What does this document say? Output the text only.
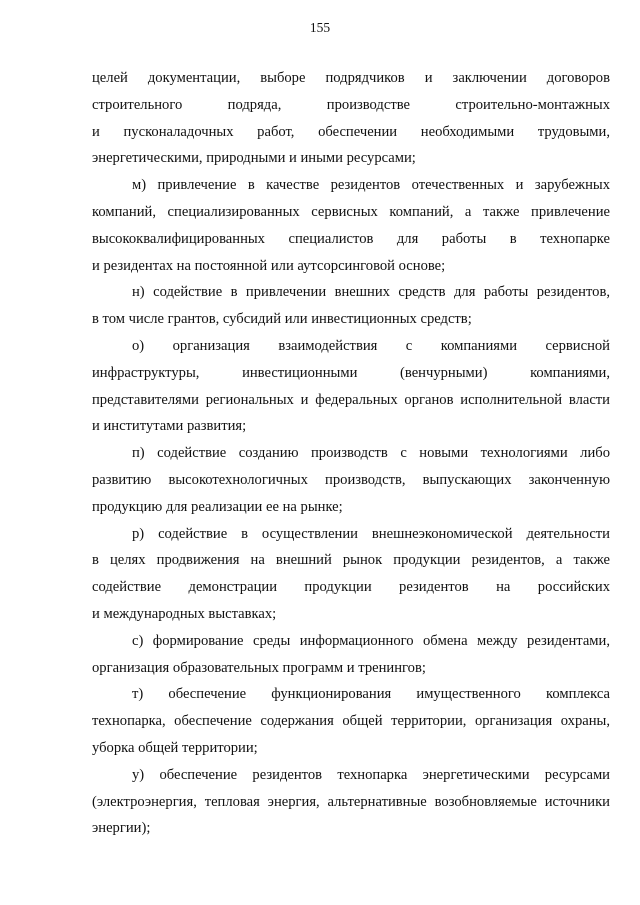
155

целей документации, выборе подрядчиков и заключении договоров
строительного подряда, производстве строительно-монтажных
и пусконаладочных работ, обеспечении необходимыми трудовыми,
энергетическими, природными и иными ресурсами;

м) привлечение в качестве резидентов отечественных и зарубежных
компаний, специализированных сервисных компаний, а также привлечение
высококвалифицированных специалистов для работы в технопарке
и резидентах на постоянной или аутсорсинговой основе;

н) содействие в привлечении внешних средств для работы резидентов,
в том числе грантов, субсидий или инвестиционных средств;

о) организация взаимодействия с компаниями сервисной
инфраструктуры, инвестиционными (венчурными) компаниями,
представителями региональных и федеральных органов исполнительной власти
и институтами развития;

п) содействие созданию производств с новыми технологиями либо
развитию высокотехнологичных производств, выпускающих законченную
продукцию для реализации ее на рынке;

р) содействие в осуществлении внешнеэкономической деятельности
в целях продвижения на внешний рынок продукции резидентов, а также
содействие демонстрации продукции резидентов на российских
и международных выставках;

с) формирование среды информационного обмена между резидентами,
организация образовательных программ и тренингов;

т) обеспечение функционирования имущественного комплекса
технопарка, обеспечение содержания общей территории, организация охраны,
уборка общей территории;

у) обеспечение резидентов технопарка энергетическими ресурсами
(электроэнергия, тепловая энергия, альтернативные возобновляемые источники
энергии);
